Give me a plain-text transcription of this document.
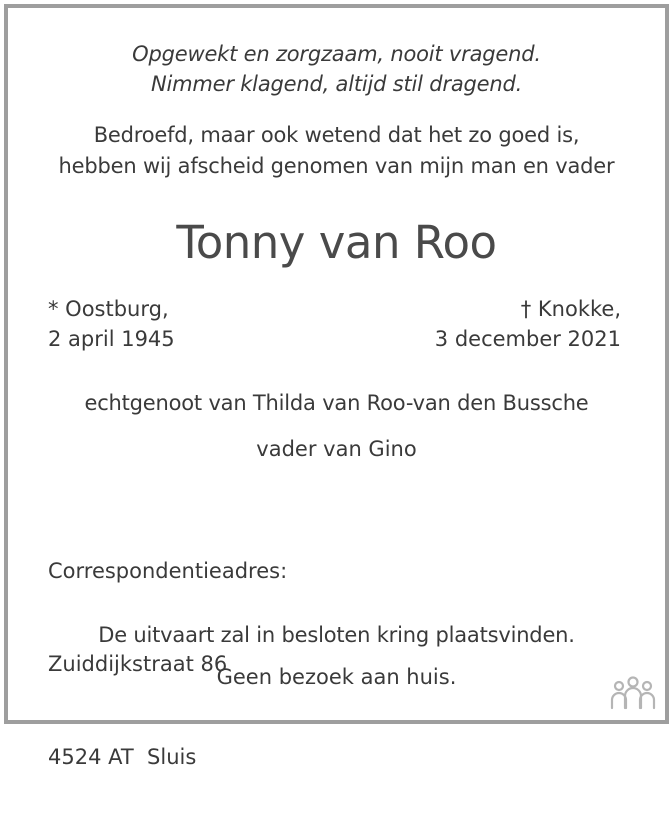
Opgewekt en zorgzaam, nooit vragend.
Nimmer klagend, altijd stil dragend.
Bedroefd, maar ook wetend dat het zo goed is,
hebben wij afscheid genomen van mijn man en vader
Tonny van Roo
* Oostburg,
2 april 1945
† Knokke,
3 december 2021
echtgenoot van Thilda van Roo-van den Bussche
vader van Gino

Correspondentieadres:

Zuiddijkstraat 86

4524 AT  Sluis

De uitvaart zal in besloten kring plaatsvinden.
Geen bezoek aan huis.
